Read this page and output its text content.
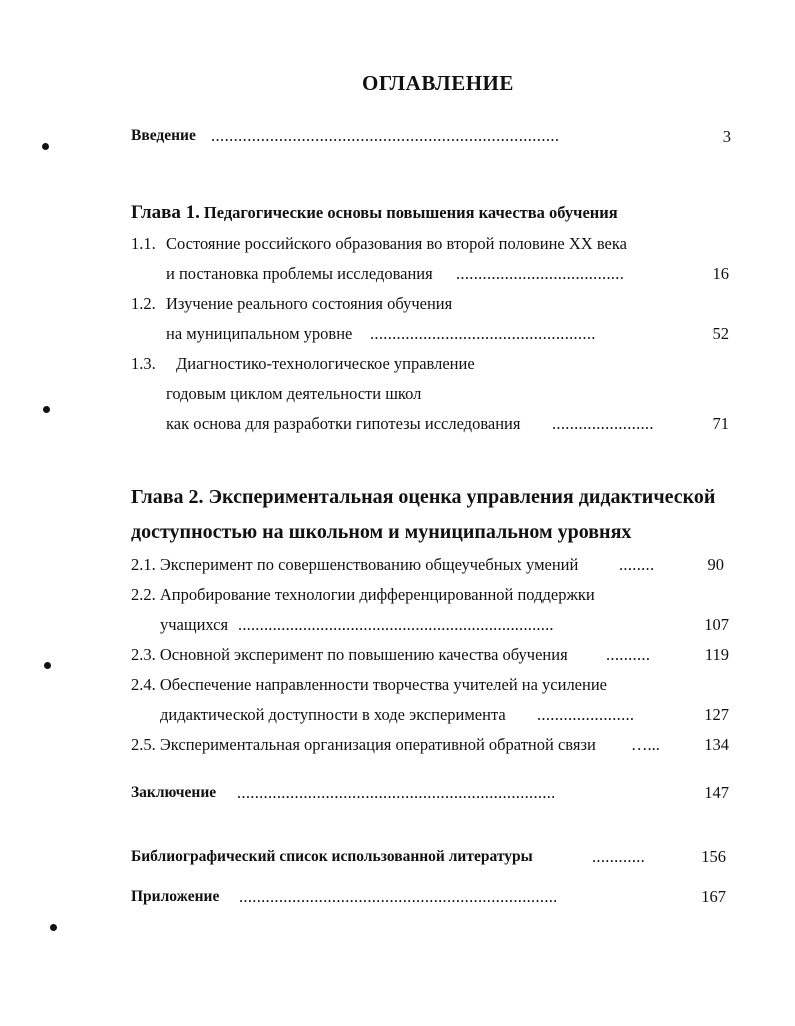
ОГЛАВЛЕНИЕ
Введение .............................................................................	3
Глава 1. Педагогические основы повышения качества обучения
1.1. Состояние российского образования во второй половине XX века
и постановка проблемы исследования ......................................	16
1.2. Изучение реального состояния обучения
на муниципальном уровне ...................................................	52
1.3. Диагностико-технологическое управление
годовым циклом деятельности школ
как основа для разработки гипотезы исследования .......................	71
Глава 2. Экспериментальная оценка управления дидактической
доступностью на школьном и муниципальном уровнях
2.1. Эксперимент по совершенствованию общеучебных умений ........	90
2.2. Апробирование технологии дифференцированной поддержки
учащихся .........................................................................	107
2.3. Основной эксперимент по повышению качества обучения ..........	119
2.4. Обеспечение направленности творчества учителей на усиление
дидактической доступности в ходе эксперимента ......................	127
2.5. Экспериментальная организация оперативной обратной связи …...	134
Заключение ........................................................................	147
Библиографический список использованной литературы	............	156
Приложение ........................................................................	167
